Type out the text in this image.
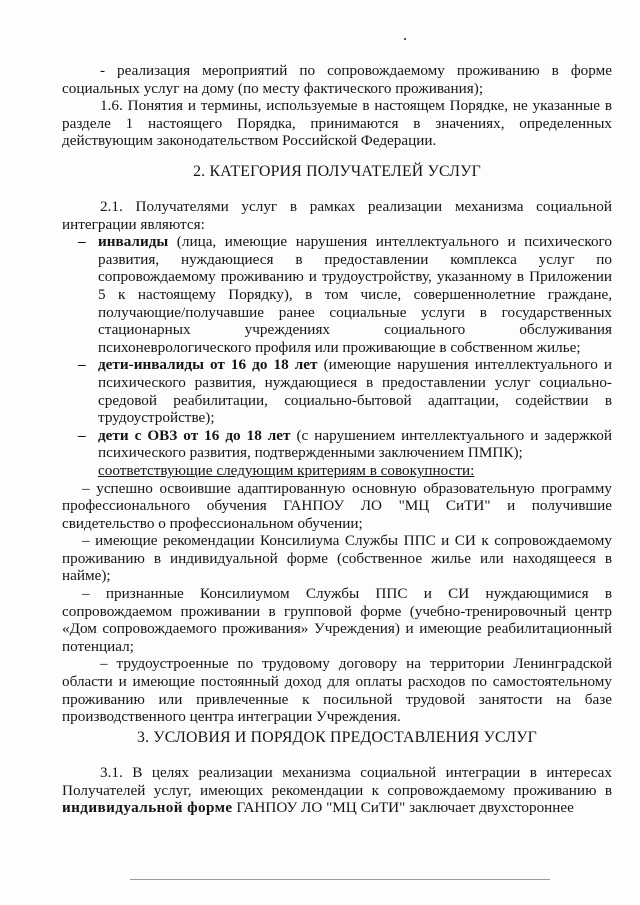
- реализация мероприятий по сопровождаемому проживанию в форме социальных услуг на дому (по месту фактического проживания);

1.6. Понятия и термины, используемые в настоящем Порядке, не указанные в разделе 1 настоящего Порядка, принимаются в значениях, определенных действующим законодательством Российской Федерации.

2. КАТЕГОРИЯ ПОЛУЧАТЕЛЕЙ УСЛУГ

2.1. Получателями услуг в рамках реализации механизма социальной интеграции являются:

– инвалиды (лица, имеющие нарушения интеллектуального и психического развития, нуждающиеся в предоставлении комплекса услуг по сопровождаемому проживанию и трудоустройству, указанному в Приложении 5 к настоящему Порядку), в том числе, совершеннолетние граждане, получающие/получавшие ранее социальные услуги в государственных стационарных учреждениях социального обслуживания психоневрологического профиля или проживающие в собственном жилье;

– дети-инвалиды от 16 до 18 лет (имеющие нарушения интеллектуального и психического развития, нуждающиеся в предоставлении услуг социально-средовой реабилитации, социально-бытовой адаптации, содействии в трудоустройстве);

– дети с ОВЗ от 16 до 18 лет (с нарушением интеллектуального и задержкой психического развития, подтвержденными заключением ПМПК);

соответствующие следующим критериям в совокупности:

– успешно освоившие адаптированную основную образовательную программу профессионального обучения ГАНПОУ ЛО "МЦ СиТИ" и получившие свидетельство о профессиональном обучении;

– имеющие рекомендации Консилиума Службы ППС и СИ к сопровождаемому проживанию в индивидуальной форме (собственное жилье или находящееся в найме);

– признанные Консилиумом Службы ППС и СИ нуждающимися в сопровождаемом проживании в групповой форме (учебно-тренировочный центр «Дом сопровождаемого проживания» Учреждения) и имеющие реабилитационный потенциал;

– трудоустроенные по трудовому договору на территории Ленинградской области и имеющие постоянный доход для оплаты расходов по самостоятельному проживанию или привлеченные к посильной трудовой занятости на базе производственного центра интеграции Учреждения.

3. УСЛОВИЯ И ПОРЯДОК ПРЕДОСТАВЛЕНИЯ УСЛУГ

3.1. В целях реализации механизма социальной интеграции в интересах Получателей услуг, имеющих рекомендации к сопровождаемому проживанию в индивидуальной форме ГАНПОУ ЛО "МЦ СиТИ" заключает двухстороннее
